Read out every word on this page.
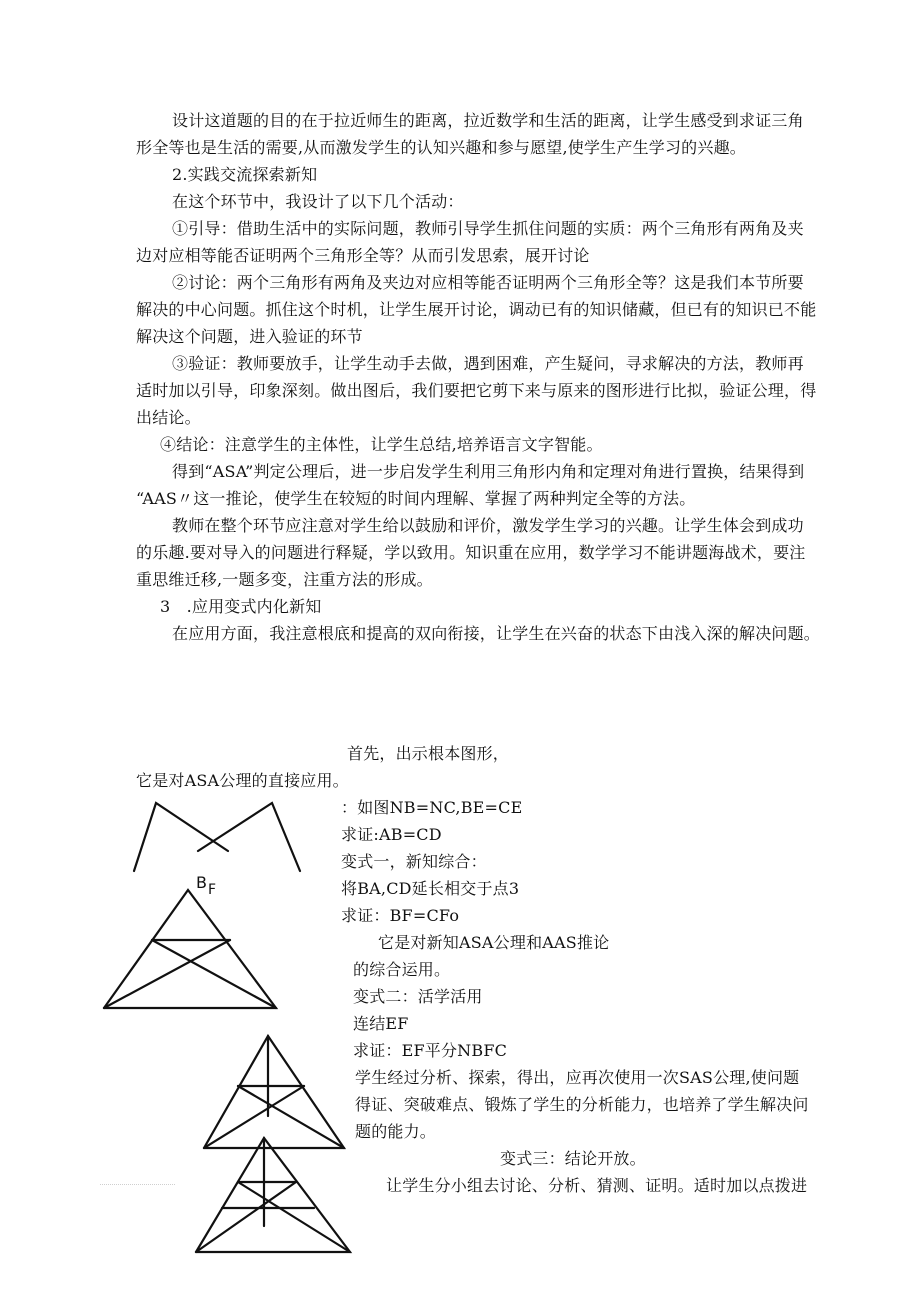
设计这道题的目的在于拉近师生的距离，拉近数学和生活的距离，让学生感受到求证三角
形全等也是生活的需要,从而激发学生的认知兴趣和参与愿望,使学生产生学习的兴趣。
2.实践交流探索新知
在这个环节中，我设计了以下几个活动：
①引导：借助生活中的实际问题，教师引导学生抓住问题的实质：两个三角形有两角及夹
边对应相等能否证明两个三角形全等？从而引发思索，展开讨论
②讨论：两个三角形有两角及夹边对应相等能否证明两个三角形全等？这是我们本节所要
解决的中心问题。抓住这个时机，让学生展开讨论，调动已有的知识储藏，但已有的知识已不能
解决这个问题，进入验证的环节
③验证：教师要放手，让学生动手去做，遇到困难，产生疑问，寻求解决的方法，教师再
适时加以引导，印象深刻。做出图后，我们要把它剪下来与原来的图形进行比拟，验证公理，得
出结论。
④结论：注意学生的主体性，让学生总结,培养语言文字智能。
得到“ASA”判定公理后，进一步启发学生利用三角形内角和定理对角进行置换，结果得到
“AAS〃这一推论，使学生在较短的时间内理解、掌握了两种判定全等的方法。
教师在整个环节应注意对学生给以鼓励和评价，激发学生学习的兴趣。让学生体会到成功
的乐趣.要对导入的问题进行释疑，学以致用。知识重在应用，数学学习不能讲题海战术，要注
重思维迁移,一题多变，注重方法的形成。
3　.应用变式内化新知
在应用方面，我注意根底和提高的双向衔接，让学生在兴奋的状态下由浅入深的解决问题。
首先，出示根本图形，
它是对ASA公理的直接应用。
：如图NB=NC,BE=CE
求证:AB=CD
变式一，新知综合：
将BA,CD延长相交于点3
求证：BF=CFo
它是对新知ASA公理和AAS推论
的综合运用。
变式二：活学活用
连结EF
求证：EF平分NBFC
学生经过分析、探索，得出，应再次使用一次SAS公理,使问题
得证、突破难点、锻炼了学生的分析能力，也培养了学生解决问
题的能力。
变式三：结论开放。
让学生分小组去讨论、分析、猜测、证明。适时加以点拨进
B F
